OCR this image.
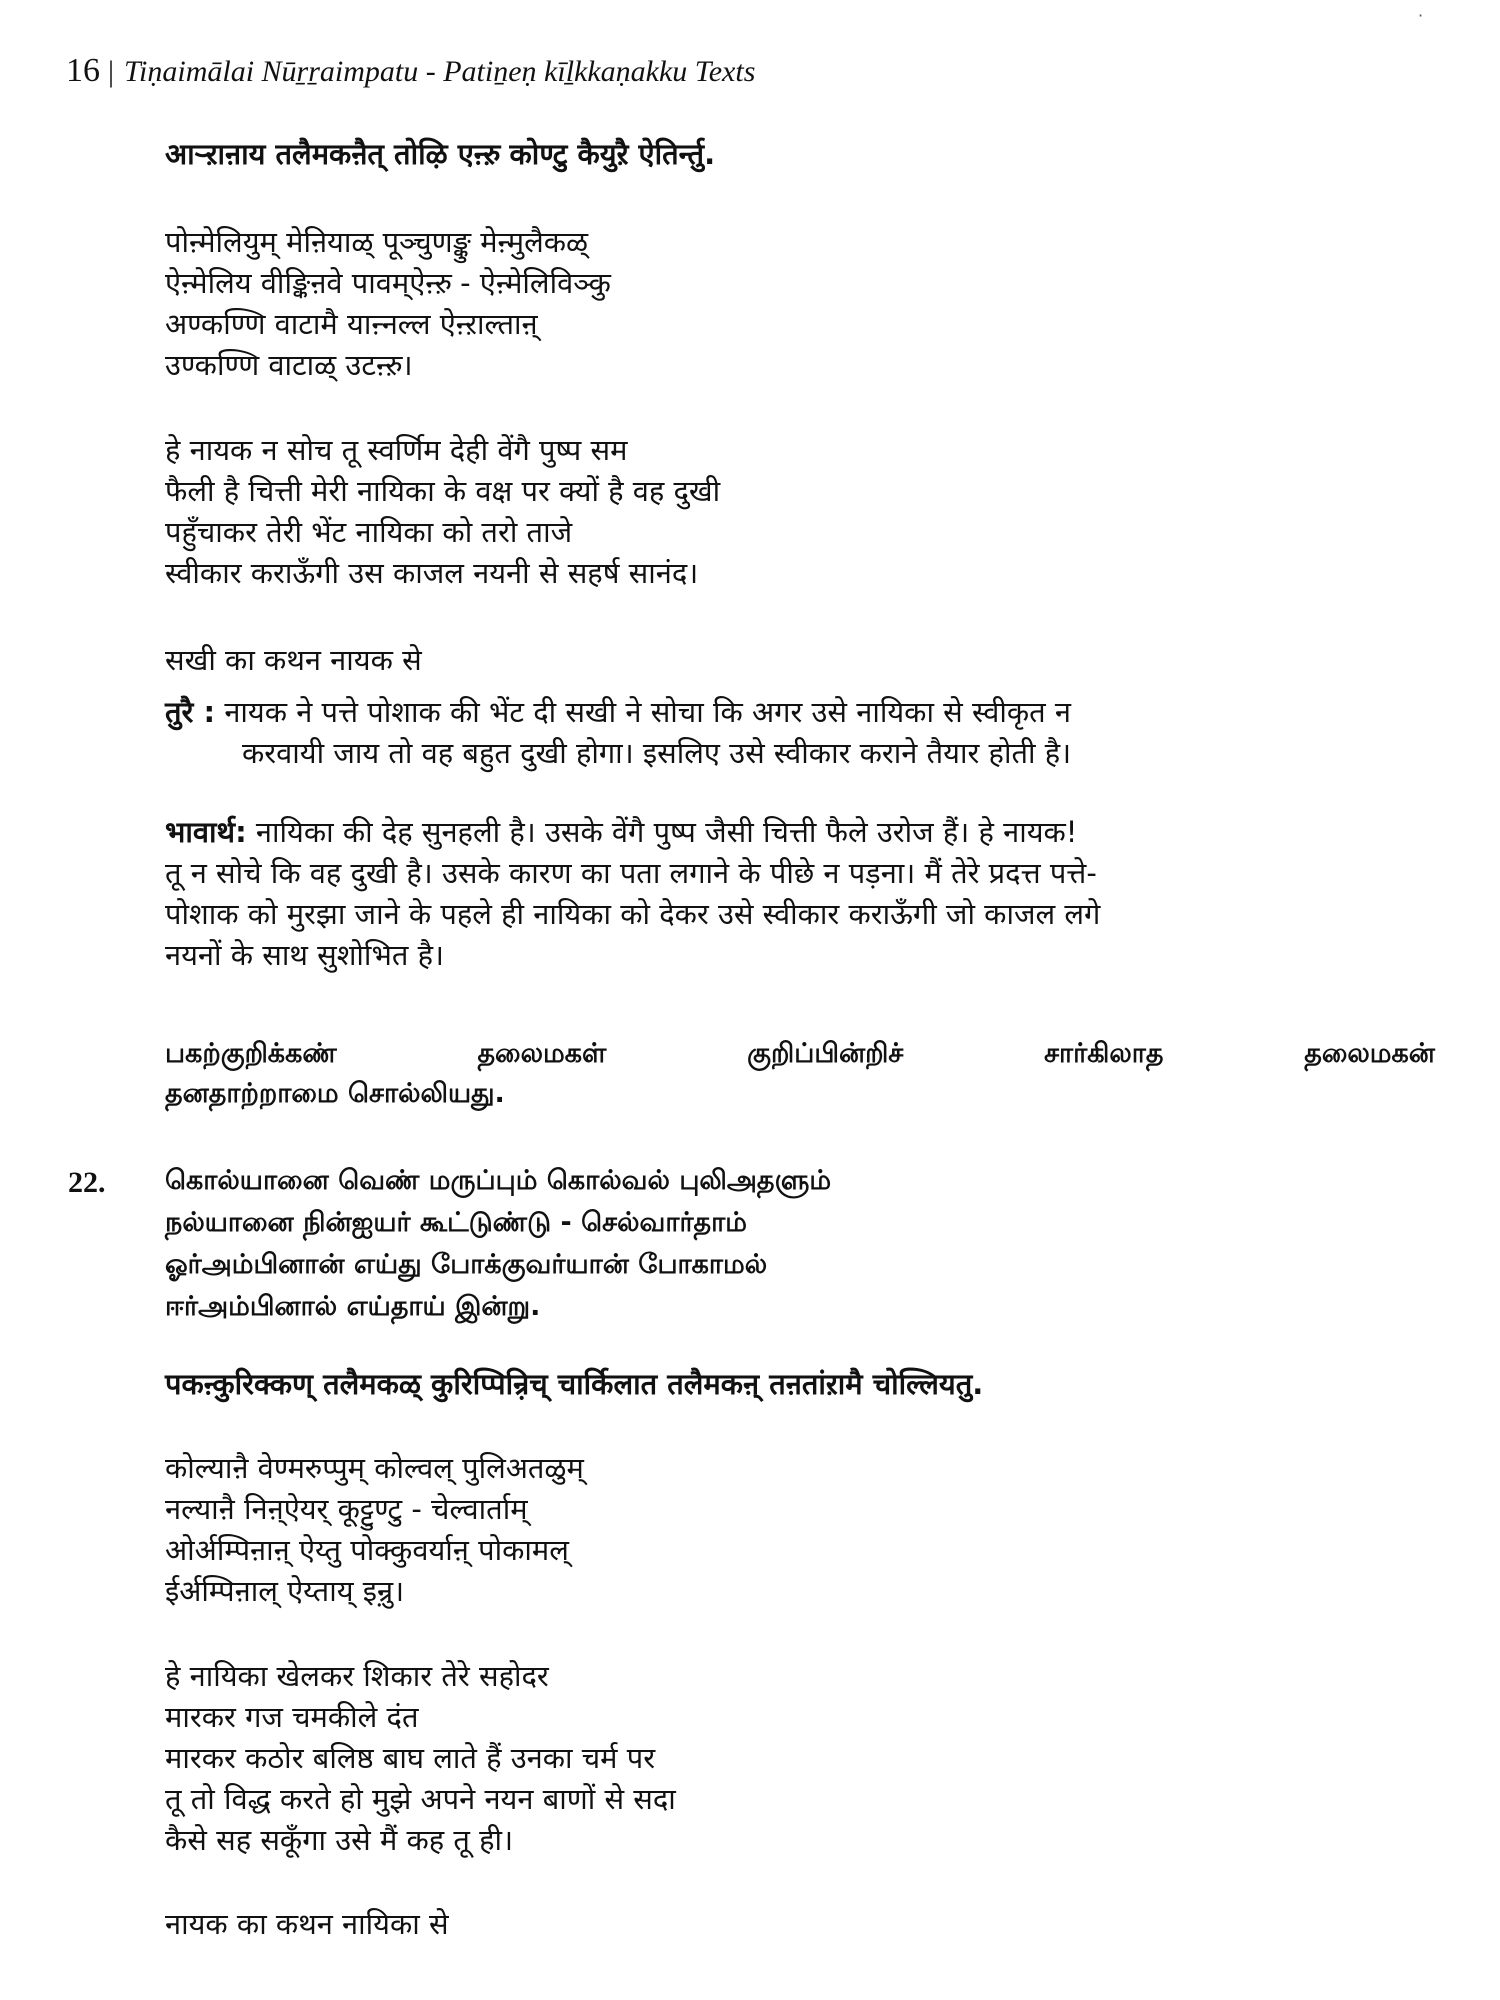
·
16 | Tiṇaimālai Nūṟṟaimpatu - Patiṉeṇ kīḻkkaṇakku Texts
आऱ्ऱाऩाय तलैमकऩैत् तोऴि एऩ्ऱु कोण्टु कैयुऱै ऐतिर्न्तु.
पोऩ्मेलियुम् मेऩियाळ् पूञ्चुणङ्कु मेऩ्मुलैकळ्
ऐऩ्मेलिय वीङ्किऩवे पावम्ऐऩ्ऱु - ऐऩ्मेलिविञ्कु
अण्कण्णि वाटामै याऩ्नल्ल ऐऩ्ऱाल्ताऩ्
उण्कण्णि वाटाळ् उटऩ्ऱु।
हे नायक न सोच तू स्वर्णिम देही वेंगै पुष्प सम
फैली है चित्ती मेरी नायिका के वक्ष पर क्यों है वह दुखी
पहुँचाकर तेरी भेंट नायिका को तरो ताजे
स्वीकार कराऊँगी उस काजल नयनी से सहर्ष सानंद।
सखी का कथन नायक से
तुरै : नायक ने पत्ते पोशाक की भेंट दी सखी ने सोचा कि अगर उसे नायिका से स्वीकृत न
करवायी जाय तो वह बहुत दुखी होगा। इसलिए उसे स्वीकार कराने तैयार होती है।
भावार्थ: नायिका की देह सुनहली है। उसके वेंगै पुष्प जैसी चित्ती फैले उरोज हैं। हे नायक!
तू न सोचे कि वह दुखी है। उसके कारण का पता लगाने के पीछे न पड़ना। मैं तेरे प्रदत्त पत्ते-
पोशाक को मुरझा जाने के पहले ही नायिका को देकर उसे स्वीकार कराऊँगी जो काजल लगे
नयनों के साथ सुशोभित है।
பகற்குறிக்கண்	தலைமகள்	குறிப்பின்றிச்	சார்கிலாத	தலைமகன்
தனதாற்றாமை சொல்லியது.
22. கொல்யானை வெண் மருப்பும் கொல்வல் புலிஅதளும்
நல்யானை நின்ஐயர் கூட்டுண்டு - செல்வார்தாம்
ஓர்அம்பினான் எய்து போக்குவர்யான் போகாமல்
ஈர்அம்பினால் எய்தாய் இன்று.
पकऩ्कुरिक्कण् तलैमकळ् कुरिप्पिऩ्रिच् चार्किलात तलैमकऩ् तऩतांऱामै चोल्लियतु.
कोल्याऩै वेण्मरुप्पुम् कोल्वल् पुलिअतळुम्
नल्याऩै निऩ्ऐयर् कूट्टुण्टु - चेल्वार्ताम्
ओर्अम्पिऩाऩ् ऐय्तु पोक्कुवर्याऩ् पोकामल्
ईर्अम्पिऩाल् ऐय्ताय् इऩ्रु।
हे नायिका खेलकर शिकार तेरे सहोदर
मारकर गज चमकीले दंत
मारकर कठोर बलिष्ठ बाघ लाते हैं उनका चर्म पर
तू तो विद्ध करते हो मुझे अपने नयन बाणों से सदा
कैसे सह सकूँगा उसे मैं कह तू ही।
नायक का कथन नायिका से
